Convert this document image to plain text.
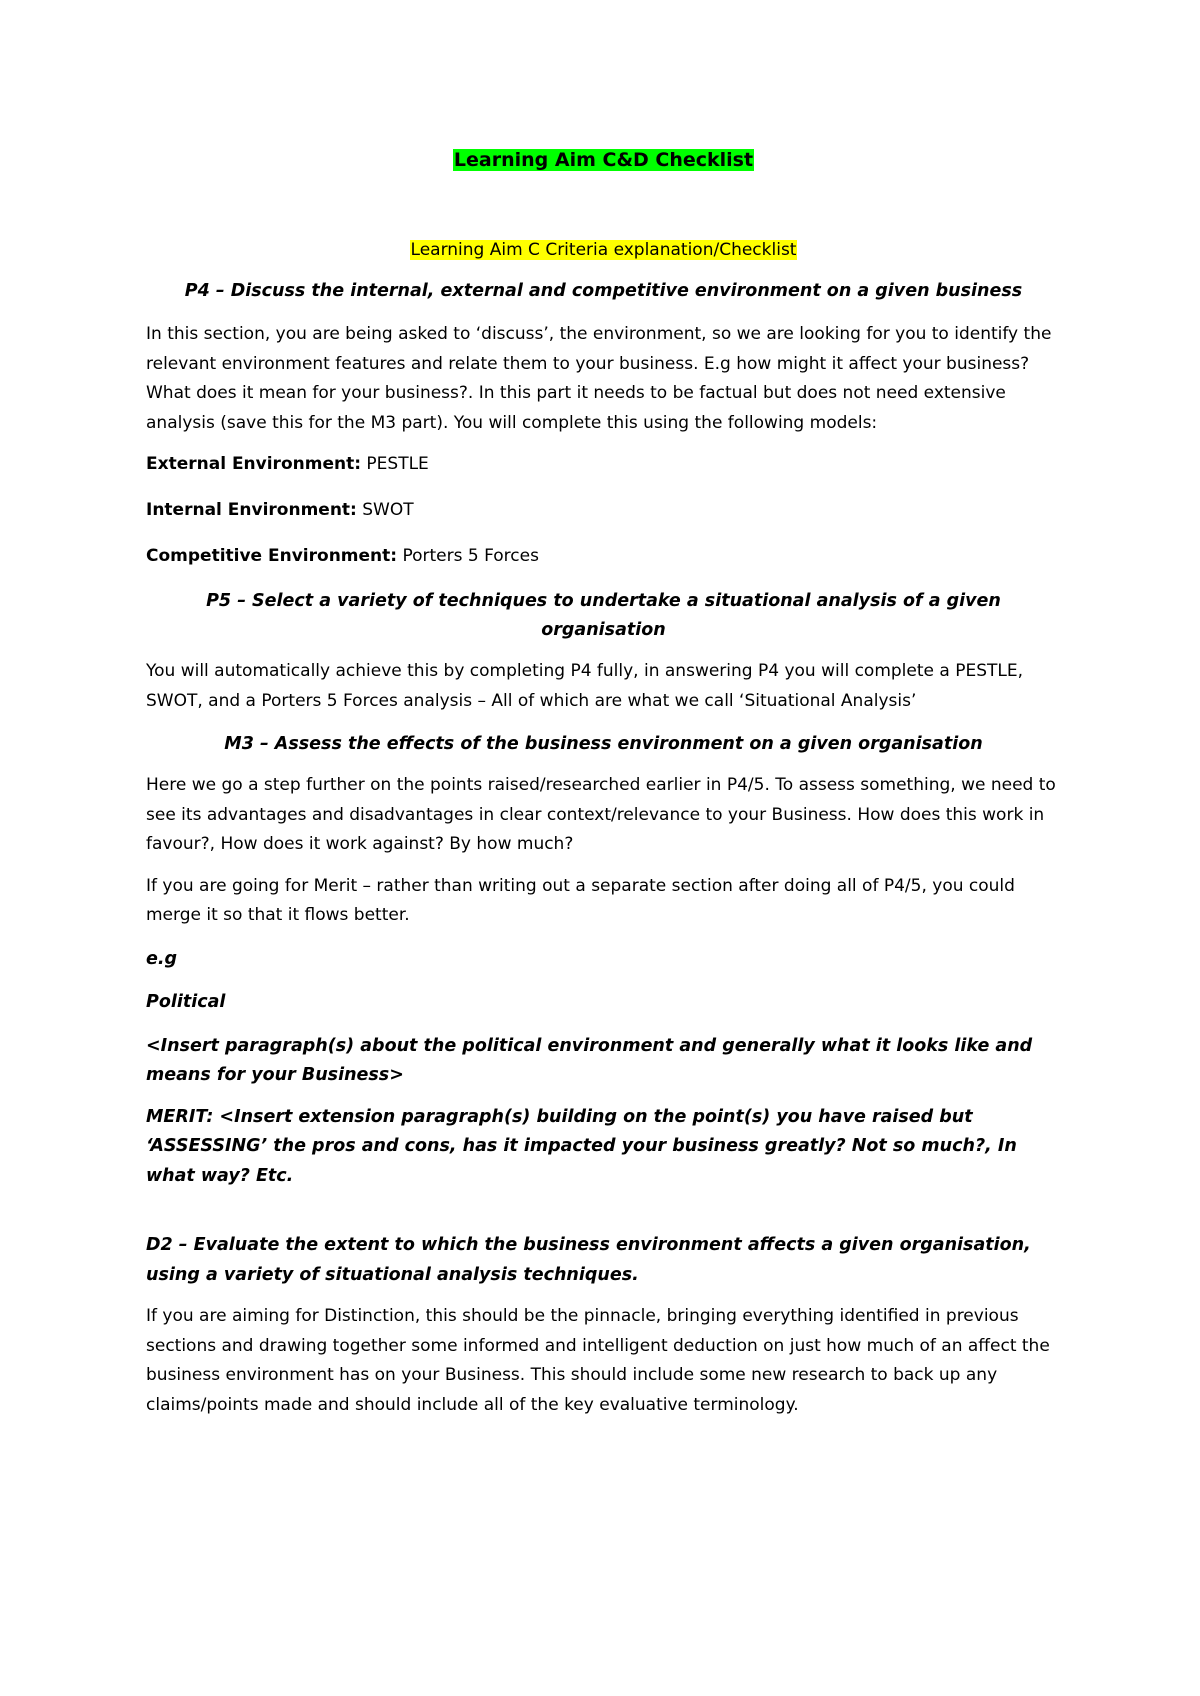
Learning Aim C&D Checklist
Learning Aim C Criteria explanation/Checklist

P4 – Discuss the internal, external and competitive environment on a given business

In this section, you are being asked to ‘discuss’, the environment, so we are looking for you to identify the relevant environment features and relate them to your business. E.g how might it affect your business? What does it mean for your business?. In this part it needs to be factual but does not need extensive analysis (save this for the M3 part). You will complete this using the following models:

External Environment: PESTLE

Internal Environment: SWOT

Competitive Environment: Porters 5 Forces

P5 – Select a variety of techniques to undertake a situational analysis of a given organisation

You will automatically achieve this by completing P4 fully, in answering P4 you will complete a PESTLE, SWOT, and a Porters 5 Forces analysis – All of which are what we call ‘Situational Analysis’

M3 – Assess the effects of the business environment on a given organisation

Here we go a step further on the points raised/researched earlier in P4/5. To assess something, we need to see its advantages and disadvantages in clear context/relevance to your Business. How does this work in favour?, How does it work against? By how much?

If you are going for Merit – rather than writing out a separate section after doing all of P4/5, you could merge it so that it flows better.

e.g

Political

<Insert paragraph(s) about the political environment and generally what it looks like and means for your Business>

MERIT: <Insert extension paragraph(s) building on the point(s) you have raised but ‘ASSESSING’ the pros and cons, has it impacted your business greatly? Not so much?, In what way? Etc.

D2 – Evaluate the extent to which the business environment affects a given organisation, using a variety of situational analysis techniques.

If you are aiming for Distinction, this should be the pinnacle, bringing everything identified in previous sections and drawing together some informed and intelligent deduction on just how much of an affect the business environment has on your Business. This should include some new research to back up any claims/points made and should include all of the key evaluative terminology.
